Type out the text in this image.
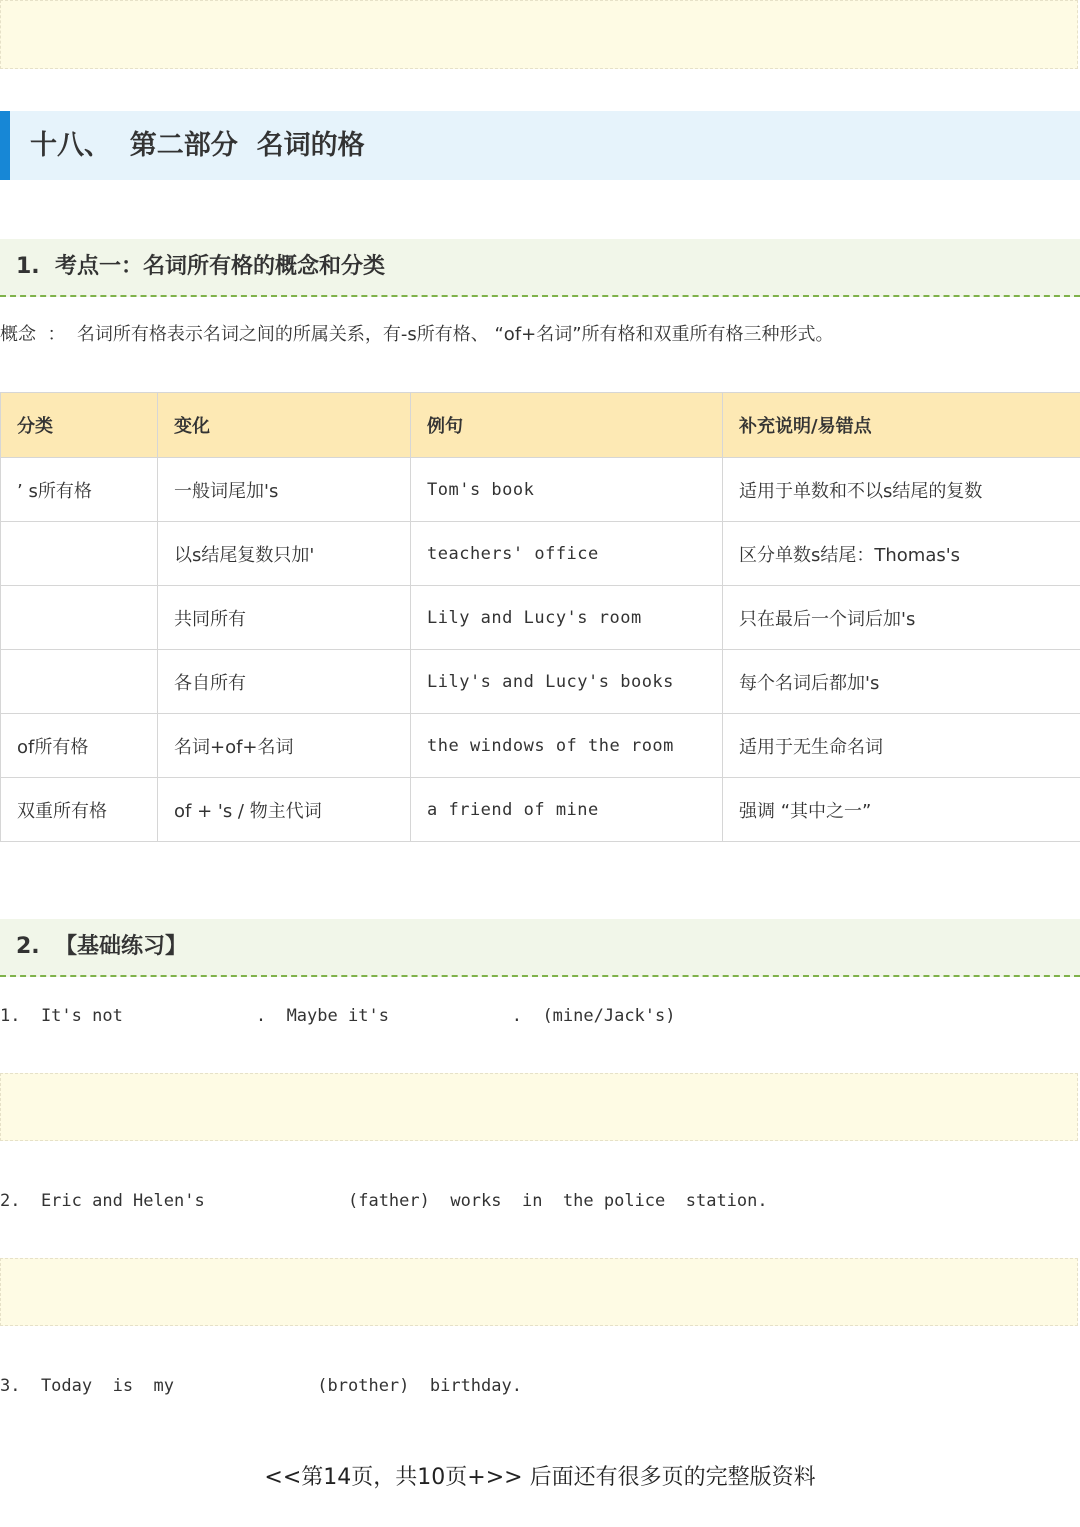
十八、  第二部分  名词的格
1.  考点一：名词所有格的概念和分类
概念  ：  名词所有格表示名词之间的所属关系，有-s所有格、 “of+名词”所有格和双重所有格三种形式。
分类	变化	例句	补充说明/易错点
’ s所有格	一般词尾加's	Tom's book	适用于单数和不以s结尾的复数
	以s结尾复数只加'	teachers' office	区分单数s结尾：Thomas's
	共同所有	Lily and Lucy's room	只在最后一个词后加's
	各自所有	Lily's and Lucy's books	每个名词后都加's
of所有格	名词+of+名词	the windows of the room	适用于无生命名词
双重所有格	of + 's / 物主代词	a friend of mine	强调 “其中之一”
2.  【基础练习】
1.  It's not             .  Maybe it's            .  (mine/Jack's)
2.  Eric and Helen's              (father)  works  in  the police  station.
3.  Today  is  my              (brother)  birthday.
<<第14页，共10页+>> 后面还有很多页的完整版资料
